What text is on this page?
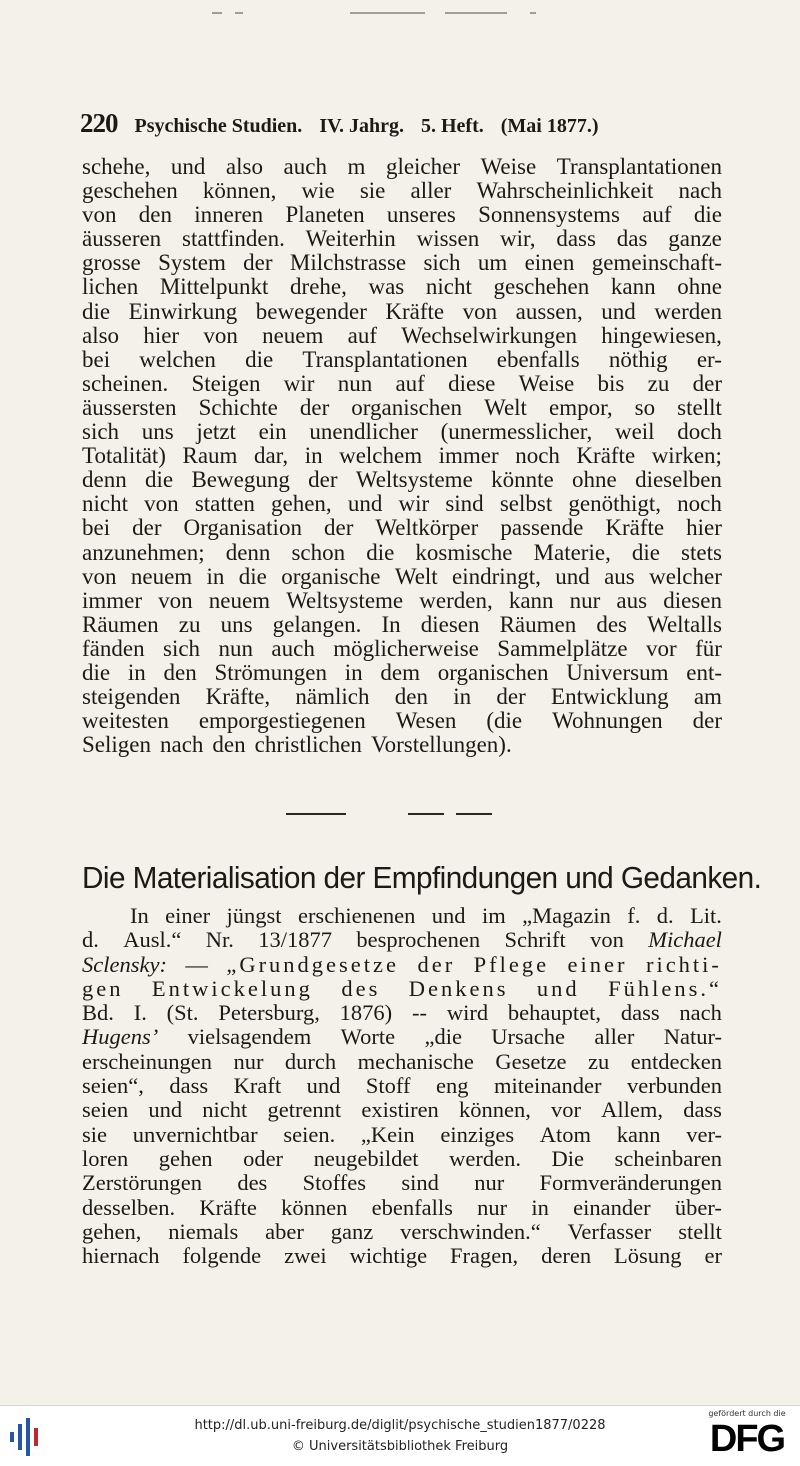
220 Psychische Studien. IV. Jahrg. 5. Heft. (Mai 1877.)
schehe, und also auch m gleicher Weise Transplantationen
geschehen können, wie sie aller Wahrscheinlichkeit nach
von den inneren Planeten unseres Sonnensystems auf die
äusseren stattfinden. Weiterhin wissen wir, dass das ganze
grosse System der Milchstrasse sich um einen gemeinschaft-
lichen Mittelpunkt drehe, was nicht geschehen kann ohne
die Einwirkung bewegender Kräfte von aussen, und werden
also hier von neuem auf Wechselwirkungen hingewiesen,
bei welchen die Transplantationen ebenfalls nöthig er-
scheinen. Steigen wir nun auf diese Weise bis zu der
äussersten Schichte der organischen Welt empor, so stellt
sich uns jetzt ein unendlicher (unermesslicher, weil doch
Totalität) Raum dar, in welchem immer noch Kräfte wirken;
denn die Bewegung der Weltsysteme könnte ohne dieselben
nicht von statten gehen, und wir sind selbst genöthigt, noch
bei der Organisation der Weltkörper passende Kräfte hier
anzunehmen; denn schon die kosmische Materie, die stets
von neuem in die organische Welt eindringt, und aus welcher
immer von neuem Weltsysteme werden, kann nur aus diesen
Räumen zu uns gelangen. In diesen Räumen des Weltalls
fänden sich nun auch möglicherweise Sammelplätze vor für
die in den Strömungen in dem organischen Universum ent-
steigenden Kräfte, nämlich den in der Entwicklung am
weitesten emporgestiegenen Wesen (die Wohnungen der
Seligen nach den christlichen Vorstellungen).
Die Materialisation der Empfindungen und Gedanken.
In einer jüngst erschienenen und im „Magazin f. d. Lit.
d. Ausl.“ Nr. 13/1877 besprochenen Schrift von Michael
Sclensky: — „Grundgesetze der Pflege einer richti-
gen Entwickelung des Denkens und Fühlens.“
Bd. I. (St. Petersburg, 1876) -- wird behauptet, dass nach
Hugens’ vielsagendem Worte „die Ursache aller Natur-
erscheinungen nur durch mechanische Gesetze zu entdecken
seien“, dass Kraft und Stoff eng miteinander verbunden
seien und nicht getrennt existiren können, vor Allem, dass
sie unvernichtbar seien. „Kein einziges Atom kann ver-
loren gehen oder neugebildet werden. Die scheinbaren
Zerstörungen des Stoffes sind nur Formveränderungen
desselben. Kräfte können ebenfalls nur in einander über-
gehen, niemals aber ganz verschwinden.“ Verfasser stellt
hiernach folgende zwei wichtige Fragen, deren Lösung er
http://dl.ub.uni-freiburg.de/diglit/psychische_studien1877/0228
© Universitätsbibliothek Freiburg
gefördert durch die
DFG
